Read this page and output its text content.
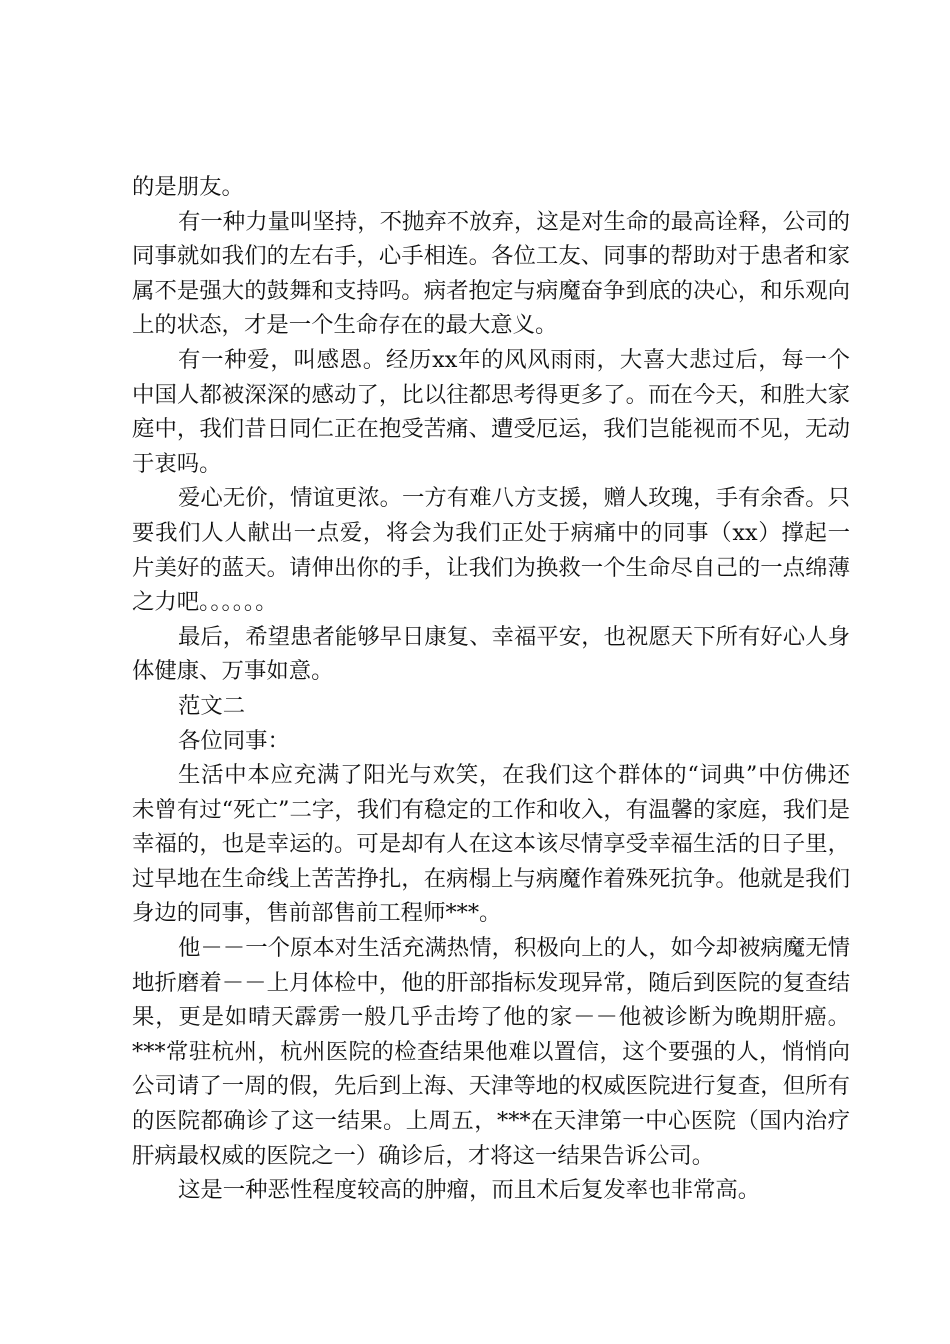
的是朋友。

有一种力量叫坚持，不抛弃不放弃，这是对生命的最高诠释，公司的同事就如我们的左右手，心手相连。各位工友、同事的帮助对于患者和家属不是强大的鼓舞和支持吗。病者抱定与病魔奋争到底的决心，和乐观向上的状态，才是一个生命存在的最大意义。

有一种爱，叫感恩。经历xx年的风风雨雨，大喜大悲过后，每一个中国人都被深深的感动了，比以往都思考得更多了。而在今天，和胜大家庭中，我们昔日同仁正在抱受苦痛、遭受厄运，我们岂能视而不见，无动于衷吗。

爱心无价，情谊更浓。一方有难八方支援，赠人玫瑰，手有余香。只要我们人人献出一点爱，将会为我们正处于病痛中的同事（xx）撑起一片美好的蓝天。请伸出你的手，让我们为换救一个生命尽自己的一点绵薄之力吧。。。。。。

最后，希望患者能够早日康复、幸福平安，也祝愿天下所有好心人身体健康、万事如意。

范文二

各位同事：

生活中本应充满了阳光与欢笑，在我们这个群体的“词典”中仿佛还未曾有过“死亡”二字，我们有稳定的工作和收入，有温馨的家庭，我们是幸福的，也是幸运的。可是却有人在这本该尽情享受幸福生活的日子里，过早地在生命线上苦苦挣扎，在病榻上与病魔作着殊死抗争。他就是我们身边的同事，售前部售前工程师***。

他－－一个原本对生活充满热情，积极向上的人，如今却被病魔无情地折磨着－－上月体检中，他的肝部指标发现异常，随后到医院的复查结果，更是如晴天霹雳一般几乎击垮了他的家－－他被诊断为晚期肝癌。***常驻杭州，杭州医院的检查结果他难以置信，这个要强的人，悄悄向公司请了一周的假，先后到上海、天津等地的权威医院进行复查，但所有的医院都确诊了这一结果。上周五，***在天津第一中心医院（国内治疗肝病最权威的医院之一）确诊后，才将这一结果告诉公司。

这是一种恶性程度较高的肿瘤，而且术后复发率也非常高。
